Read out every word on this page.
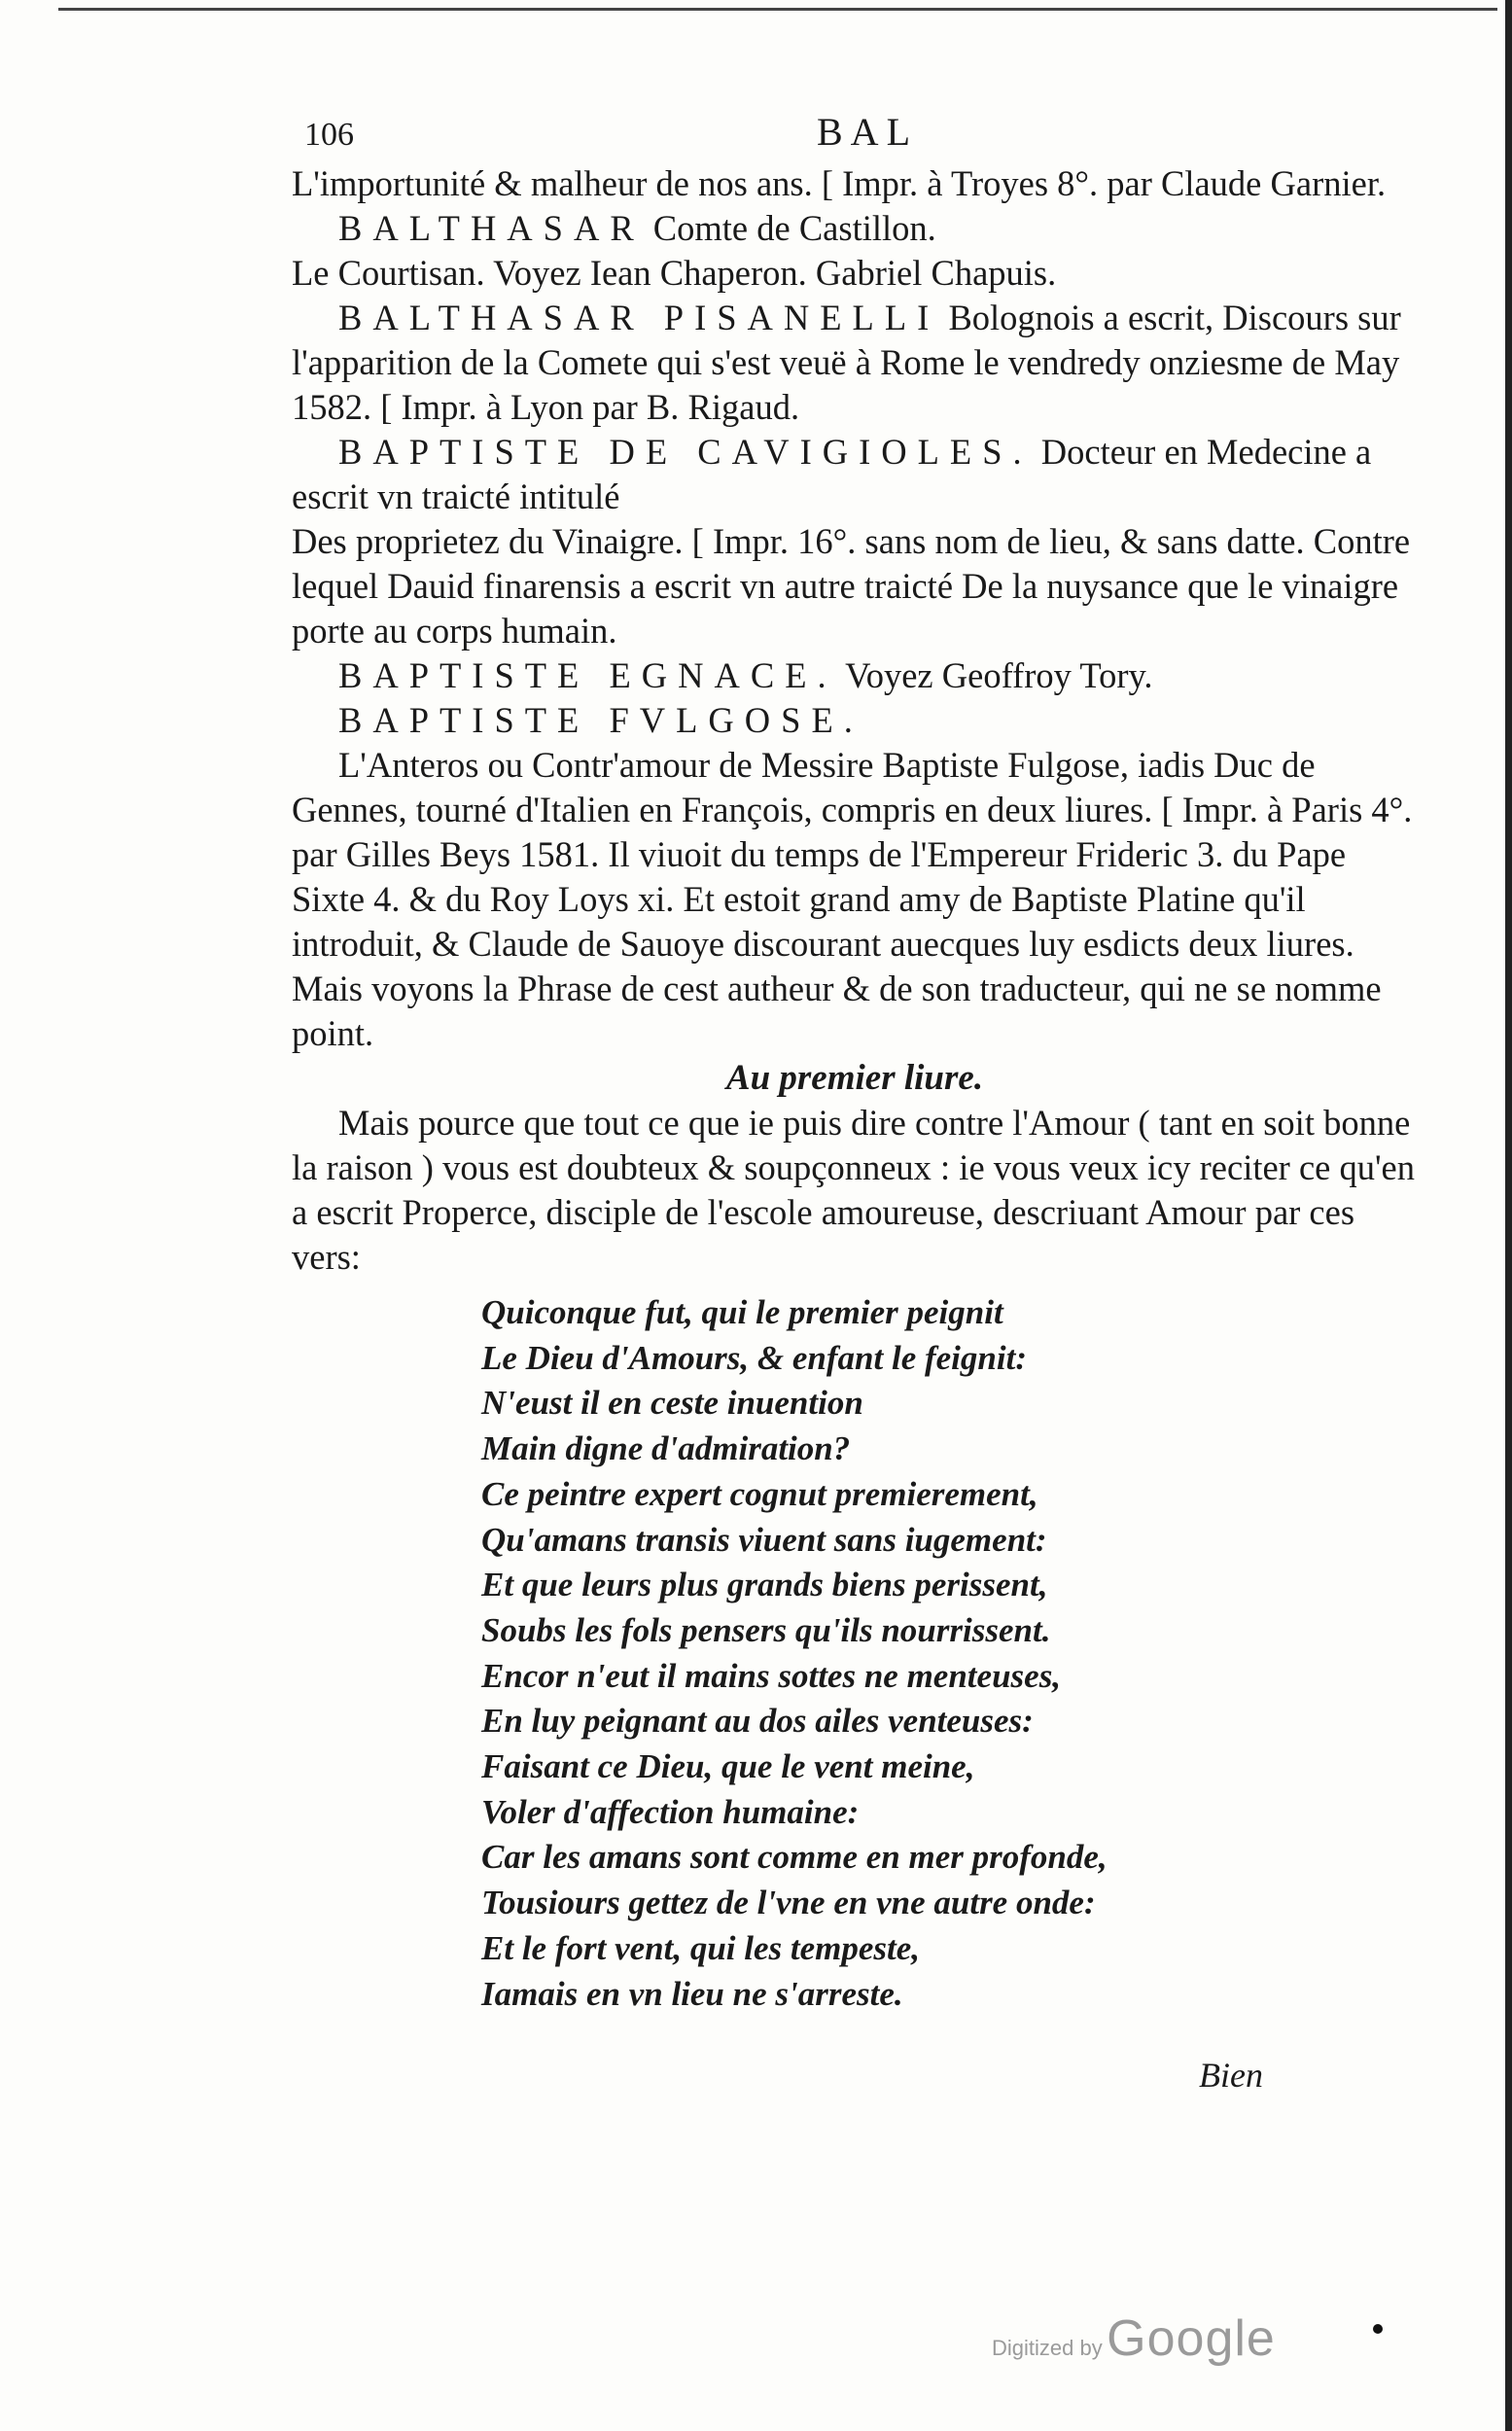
106	BAL

L'importunité & malheur de nos ans. [ Impr. à Troyes 8°. par Claude Garnier.

BALTHASAR Comte de Castillon.

Le Courtisan. Voyez Iean Chaperon. Gabriel Chapuis.

BALTHASAR PISANELLI Bolognois a escrit, Discours sur l'apparition de la Comete qui s'est veuë à Rome le vendredy onziesme de May 1582. [ Impr. à Lyon par B. Rigaud.

BAPTISTE DE CAVIGIOLES. Docteur en Medecine a escrit vn traicté intitulé

Des proprietez du Vinaigre. [ Impr. 16°. sans nom de lieu, & sans datte. Contre lequel Dauid finarensis a escrit vn autre traicté De la nuysance que le vinaigre porte au corps humain.

BAPTISTE EGNACE. Voyez Geoffroy Tory.

BAPTISTE FVLGOSE.

L'Anteros ou Contr'amour de Messire Baptiste Fulgose, iadis Duc de Gennes, tourné d'Italien en François, compris en deux liures. [ Impr. à Paris 4°. par Gilles Beys 1581. Il viuoit du temps de l'Empereur Frideric 3. du Pape Sixte 4. & du Roy Loys xi. Et estoit grand amy de Baptiste Platine qu'il introduit, & Claude de Sauoye discourant auecques luy esdicts deux liures. Mais voyons la Phrase de cest autheur & de son traducteur, qui ne se nomme point.

Au premier liure.

Mais pource que tout ce que ie puis dire contre l'Amour ( tant en soit bonne la raison ) vous est doubteux & soupçonneux : ie vous veux icy reciter ce qu'en a escrit Properce, disciple de l'escole amoureuse, descriuant Amour par ces vers:

Quiconque fut, qui le premier peignit
Le Dieu d'Amours, & enfant le feignit:
N'eust il en ceste inuention
Main digne d'admiration?
Ce peintre expert cognut premierement,
Qu'amans transis viuent sans iugement:
Et que leurs plus grands biens perissent,
Soubs les fols pensers qu'ils nourrissent.
Encor n'eut il mains sottes ne menteuses,
En luy peignant au dos ailes venteuses:
Faisant ce Dieu, que le vent meine,
Voler d'affection humaine:
Car les amans sont comme en mer profonde,
Tousiours gettez de l'vne en vne autre onde:
Et le fort vent, qui les tempeste,
Iamais en vn lieu ne s'arreste.
Bien
Digitized by Google
